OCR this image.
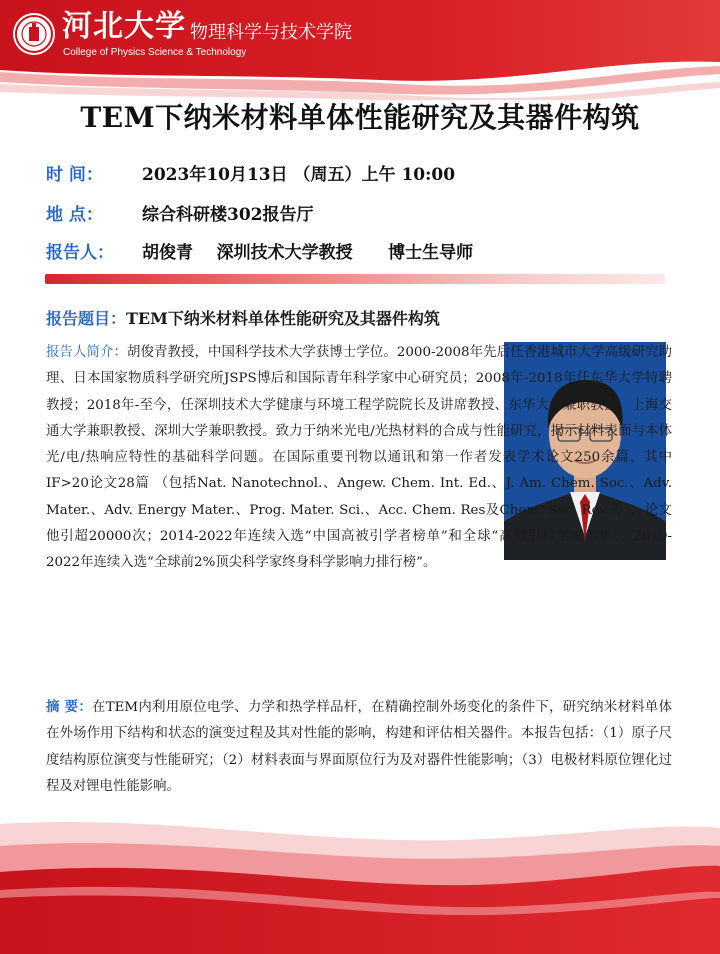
河北大学 物理科学与技术学院
College of Physics Science & Technology
TEM下纳米材料单体性能研究及其器件构筑
时 间： 2023年10月13日 （周五）上午 10:00
地 点： 综合科研楼302报告厅
报告人： 胡俊青    深圳技术大学教授      博士生导师
报告题目：TEM下纳米材料单体性能研究及其器件构筑
报告人简介：胡俊青教授，中国科学技术大学获博士学位。2000-2008年先后任香港城市大学高级研究助理、日本国家物质科学研究所JSPS博后和国际青年科学家中心研究员；2008年-2018年任东华大学特聘教授；2018年-至今，任深圳技术大学健康与环境工程学院院长及讲席教授、东华大学兼职教授、上海交通大学兼职教授、深圳大学兼职教授。致力于纳米光电/光热材料的合成与性能研究，揭示材料表面与本体光/电/热响应特性的基础科学问题。在国际重要刊物以通讯和第一作者发表学术论文250余篇，其中IF>20论文28篇 （包括Nat. Nanotechnol.、Angew. Chem. Int. Ed.、J. Am. Chem. Soc.、Adv. Mater.、Adv. Energy Mater.、Prog. Mater. Sci.、Acc. Chem. Res及Chem. Soc. Rev.等），论文他引超20000次；2014-2022年连续入选“中国高被引学者榜单”和全球“高被引科学家名单”；2019-2022年连续入选“全球前2%顶尖科学家终身科学影响力排行榜”。
摘 要：在TEM内利用原位电学、力学和热学样品杆，在精确控制外场变化的条件下，研究纳米材料单体在外场作用下结构和状态的演变过程及其对性能的影响，构建和评估相关器件。本报告包括：（1）原子尺度结构原位演变与性能研究；（2）材料表面与界面原位行为及对器件性能影响；（3）电极材料原位锂化过程及对锂电性能影响。
